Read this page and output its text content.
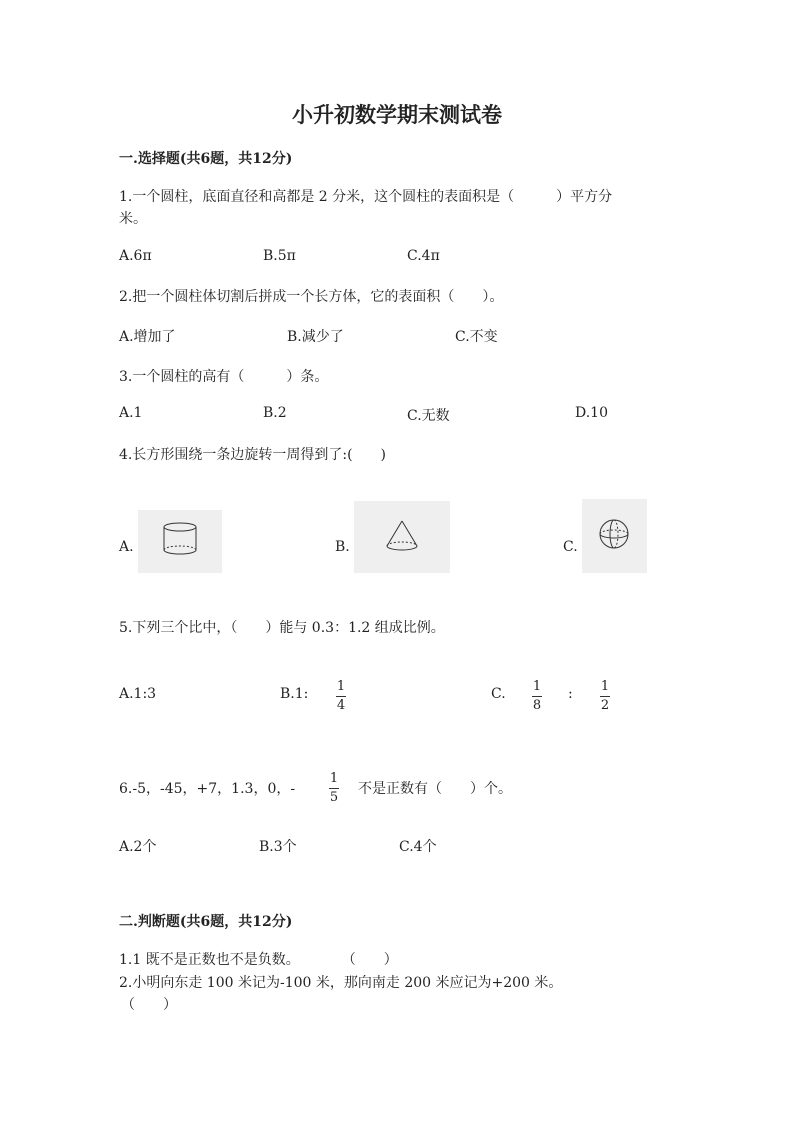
小升初数学期末测试卷
一.选择题(共6题，共12分)
1.一个圆柱，底面直径和高都是 2 分米，这个圆柱的表面积是（　　　）平方分
米。
A.6π	B.5π	C.4π
2.把一个圆柱体切割后拼成一个长方体，它的表面积（　　）。
A.增加了	B.减少了	C.不变
3.一个圆柱的高有（　　　）条。
A.1	B.2	C.无数	D.10
4.长方形围绕一条边旋转一周得到了:(　　)
A.	B.	C.
5.下列三个比中，（　　）能与 0.3：1.2 组成比例。
A.1:3	B.1: 1
4
C. 1
8
: 1
2
6.-5，-45，+7，1.3，0，-
1
5
不是正数有（　　）个。
A.2个	B.3个	C.4个
二.判断题(共6题，共12分)
1.1 既不是正数也不是负数。　　　　（　　）
2.小明向东走 100 米记为-100 米，那向南走 200 米应记为+200 米。
（　　）
